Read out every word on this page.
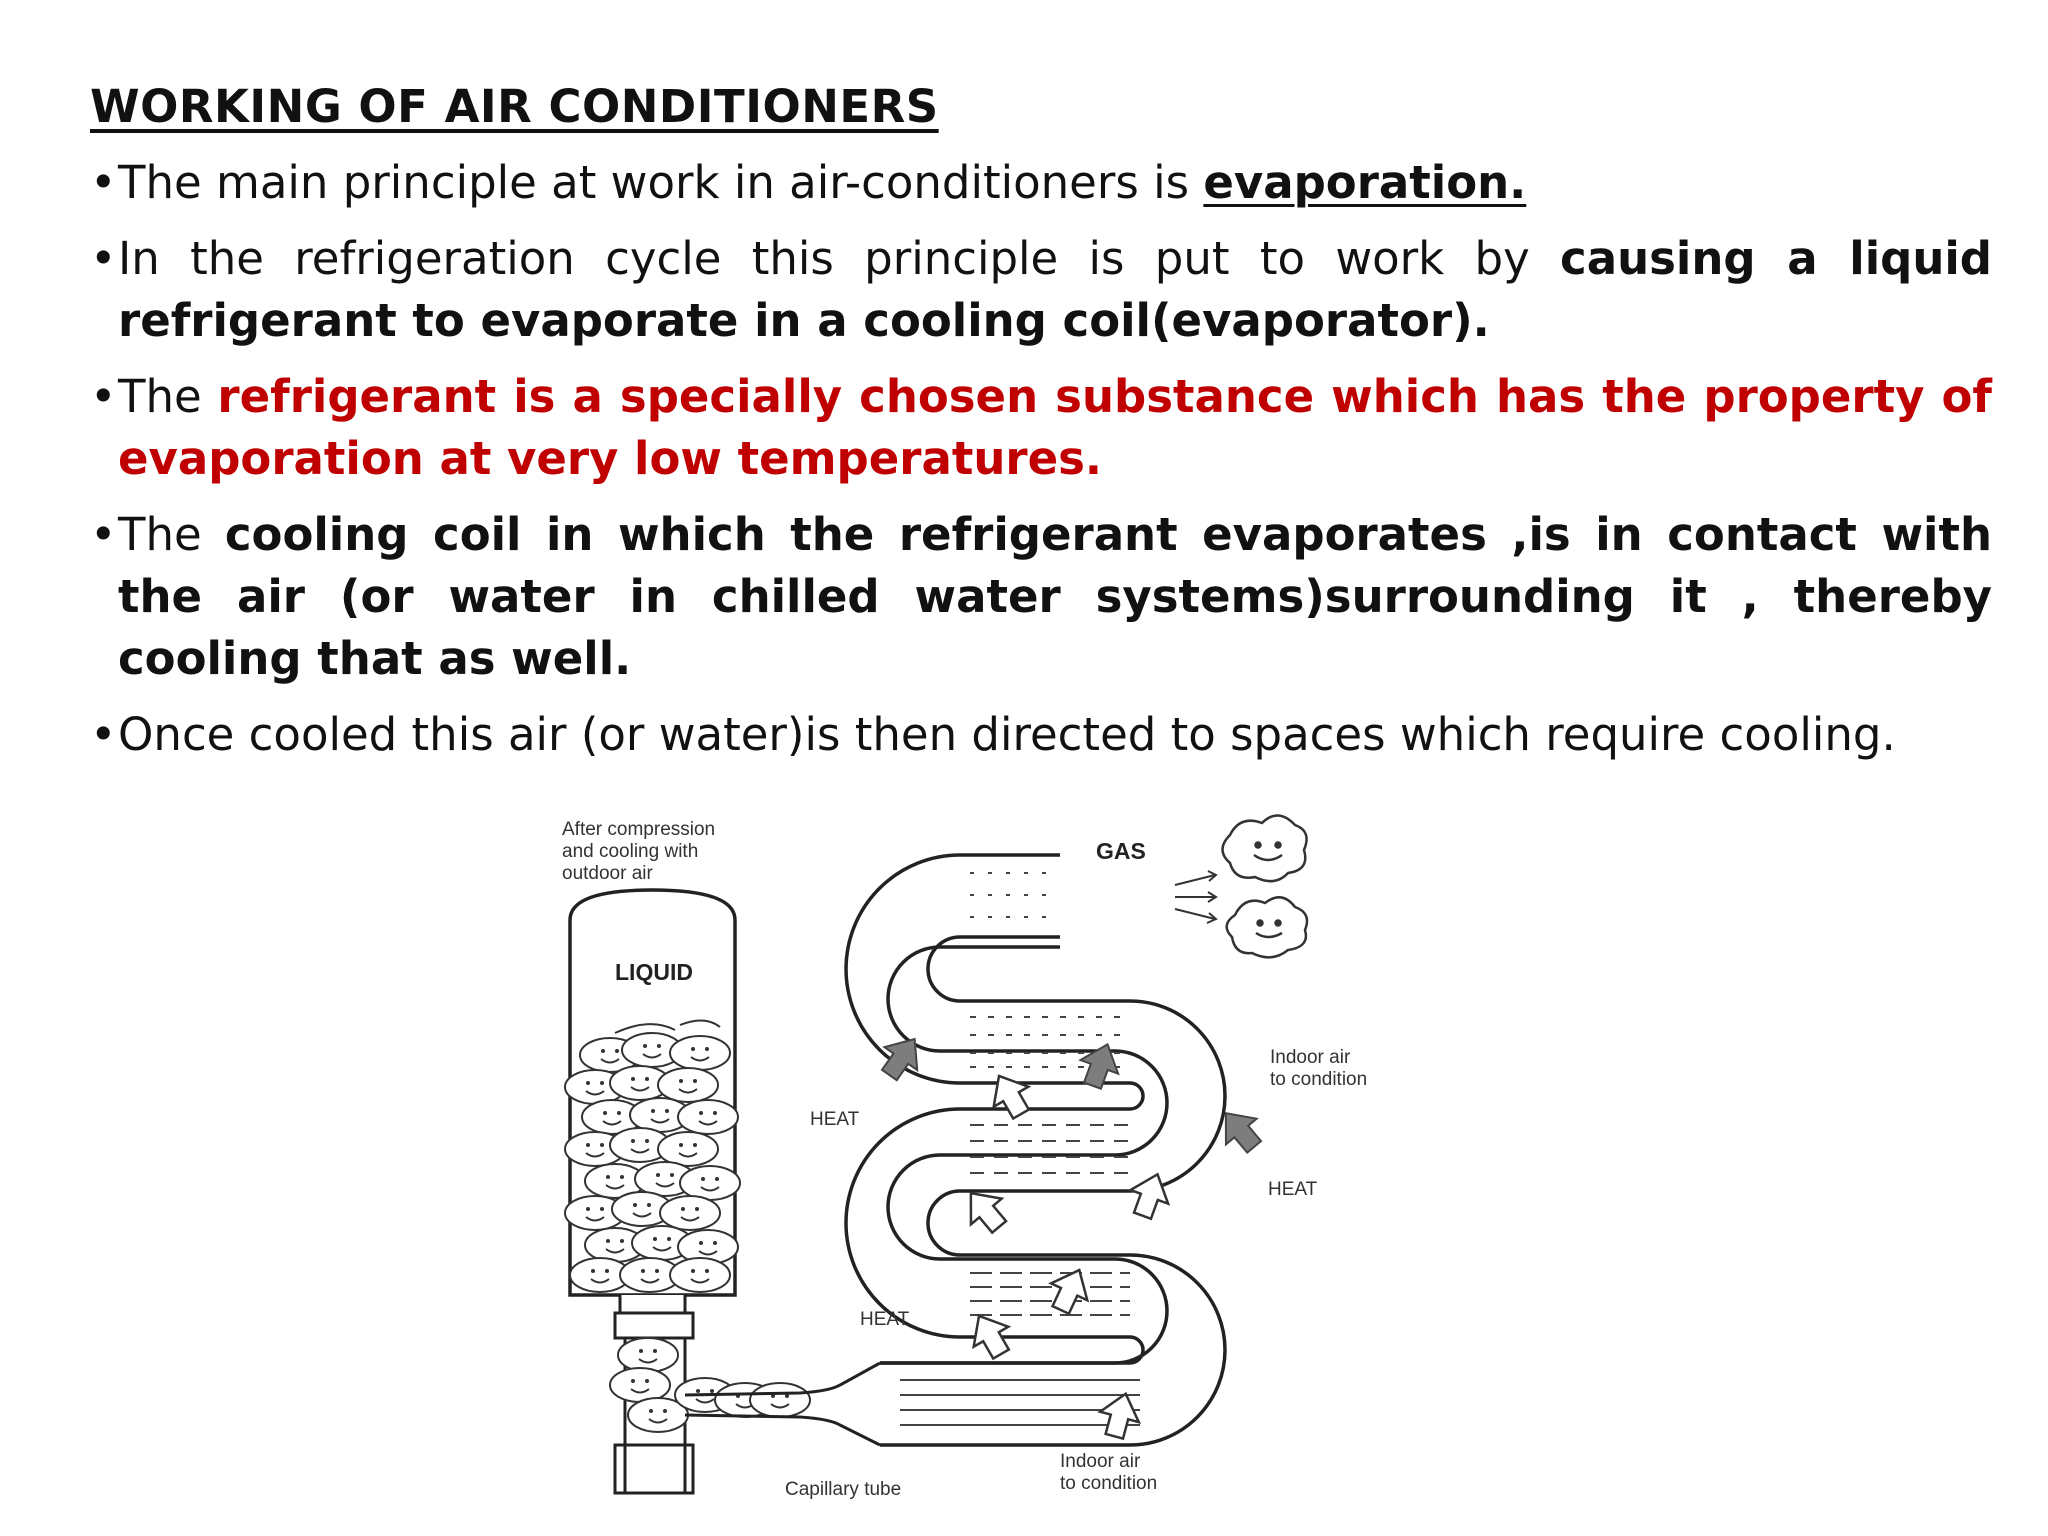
WORKING OF AIR CONDITIONERS
• The main principle at work in air-conditioners is evaporation.
• In the refrigeration cycle this principle is put to work by causing a liquid refrigerant to evaporate in a cooling coil(evaporator).
• The refrigerant is a specially chosen substance which has the property of evaporation at very low temperatures.
• The cooling coil in which the refrigerant evaporates ,is in contact with the air (or water in chilled water systems)surrounding it , thereby cooling that as well.
• Once cooled this air (or water)is then directed to spaces which require cooling.
After compression
and cooling with
outdoor air
LIQUID
Capillary tube
GAS
HEAT
HEAT
HEAT
Indoor air
to condition
Indoor air
to condition
